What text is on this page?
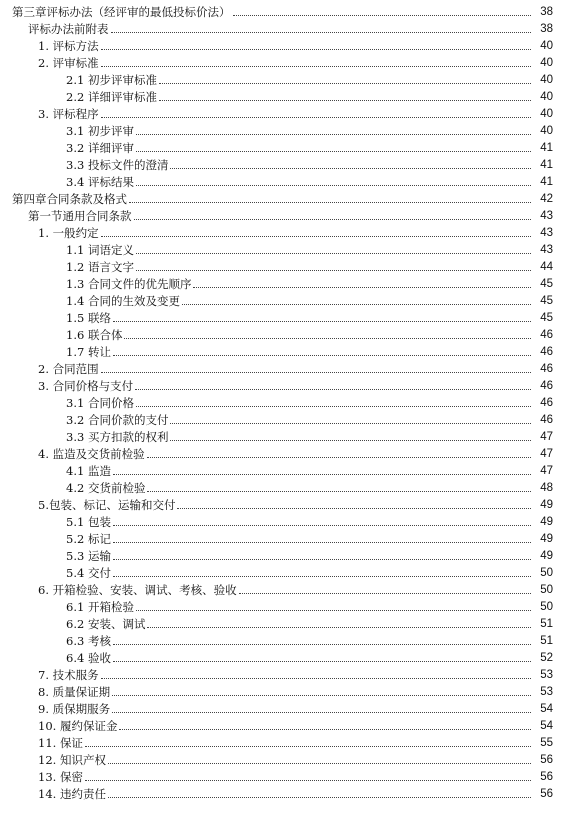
第三章评标办法（经评审的最低投标价法）	38
评标办法前附表	38
1. 评标方法	40
2. 评审标准	40
2.1 初步评审标准	40
2.2 详细评审标准	40
3. 评标程序	40
3.1 初步评审	40
3.2 详细评审	41
3.3 投标文件的澄清	41
3.4 评标结果	41
第四章合同条款及格式	42
第一节通用合同条款	43
1. 一般约定	43
1.1 词语定义	43
1.2 语言文字	44
1.3 合同文件的优先顺序	45
1.4 合同的生效及变更	45
1.5 联络	45
1.6 联合体	46
1.7 转让	46
2. 合同范围	46
3. 合同价格与支付	46
3.1 合同价格	46
3.2 合同价款的支付	46
3.3 买方扣款的权利	47
4. 监造及交货前检验	47
4.1 监造	47
4.2 交货前检验	48
5.包装、标记、运输和交付	49
5.1 包装	49
5.2 标记	49
5.3 运输	49
5.4 交付	50
6. 开箱检验、安装、调试、考核、验收	50
6.1 开箱检验	50
6.2 安装、调试	51
6.3 考核	51
6.4 验收	52
7. 技术服务	53
8. 质量保证期	53
9. 质保期服务	54
10. 履约保证金	54
11. 保证	55
12. 知识产权	56
13. 保密	56
14. 违约责任	56
